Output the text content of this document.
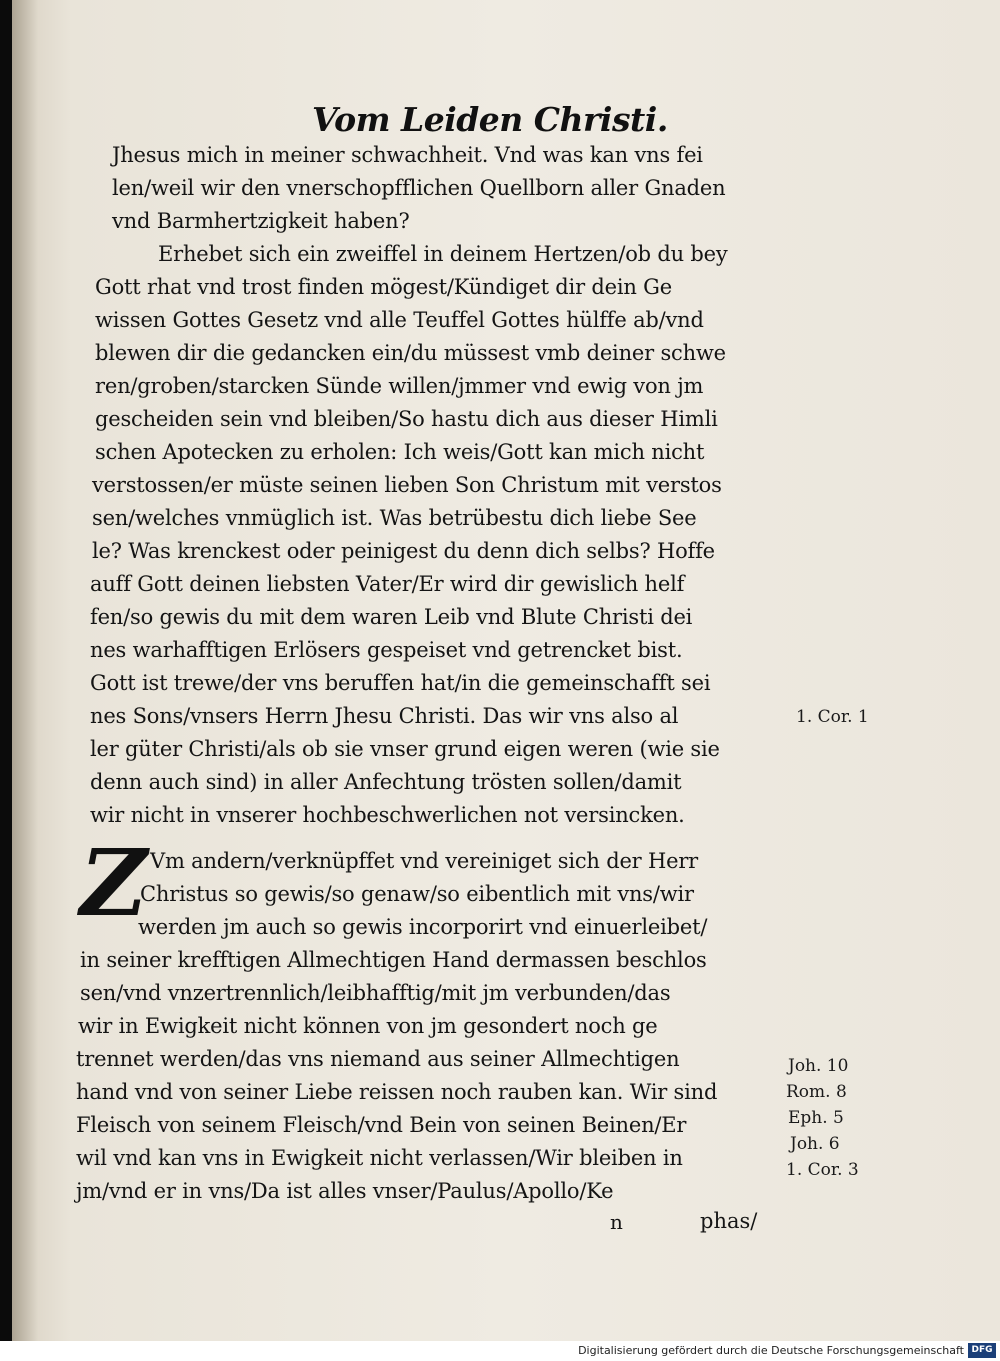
Vom Leiden Christi.
Jhesus mich in meiner schwachheit. Vnd was kan vns fei
len/weil wir den vnerschopfflichen Quellborn aller Gnaden
vnd Barmhertzigkeit haben?
Erhebet sich ein zweiffel in deinem Hertzen/ob du bey
Gott rhat vnd trost finden mögest/Kündiget dir dein Ge
wissen Gottes Gesetz vnd alle Teuffel Gottes hülffe ab/vnd
blewen dir die gedancken ein/du müssest vmb deiner schwe
ren/groben/starcken Sünde willen/jmmer vnd ewig von jm
gescheiden sein vnd bleiben/So hastu dich aus dieser Himli
schen Apotecken zu erholen: Ich weis/Gott kan mich nicht
verstossen/er müste seinen lieben Son Christum mit verstos
sen/welches vnmüglich ist. Was betrübestu dich liebe See
le? Was krenckest oder peinigest du denn dich selbs? Hoffe
auff Gott deinen liebsten Vater/Er wird dir gewislich helf
fen/so gewis du mit dem waren Leib vnd Blute Christi dei
nes warhafftigen Erlösers gespeiset vnd getrencket bist.
Gott ist trewe/der vns beruffen hat/in die gemeinschafft sei
nes Sons/vnsers Herrn Jhesu Christi. Das wir vns also al
ler güter Christi/als ob sie vnser grund eigen weren (wie sie
denn auch sind) in aller Anfechtung trösten sollen/damit
wir nicht in vnserer hochbeschwerlichen not versincken.
Z Vm andern/verknüpffet vnd vereiniget sich der Herr
Christus so gewis/so genaw/so eibentlich mit vns/wir
werden jm auch so gewis incorporirt vnd einuerleibet/
in seiner krefftigen Allmechtigen Hand dermassen beschlos
sen/vnd vnzertrennlich/leibhafftig/mit jm verbunden/das
wir in Ewigkeit nicht können von jm gesondert noch ge
trennet werden/das vns niemand aus seiner Allmechtigen
hand vnd von seiner Liebe reissen noch rauben kan. Wir sind
Fleisch von seinem Fleisch/vnd Bein von seinen Beinen/Er
wil vnd kan vns in Ewigkeit nicht verlassen/Wir bleiben in
jm/vnd er in vns/Da ist alles vnser/Paulus/Apollo/Ke
1. Cor. 1
Joh. 10
Rom. 8
Eph. 5
Joh. 6
1. Cor. 3
n	phas/
Digitalisierung gefördert durch die Deutsche Forschungsgemeinschaft DFG
